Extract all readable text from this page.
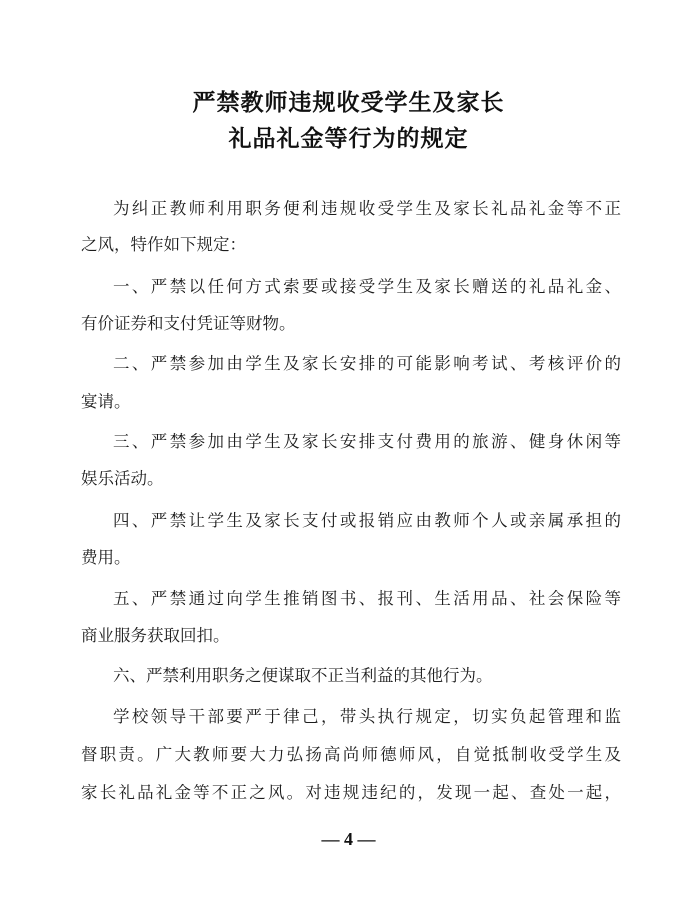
严禁教师违规收受学生及家长
礼品礼金等行为的规定
为纠正教师利用职务便利违规收受学生及家长礼品礼金等不正
之风，特作如下规定：
一、严禁以任何方式索要或接受学生及家长赠送的礼品礼金、
有价证券和支付凭证等财物。
二、严禁参加由学生及家长安排的可能影响考试、考核评价的
宴请。
三、严禁参加由学生及家长安排支付费用的旅游、健身休闲等
娱乐活动。
四、严禁让学生及家长支付或报销应由教师个人或亲属承担的
费用。
五、严禁通过向学生推销图书、报刊、生活用品、社会保险等
商业服务获取回扣。
六、严禁利用职务之便谋取不正当利益的其他行为。
学校领导干部要严于律己，带头执行规定，切实负起管理和监
督职责。广大教师要大力弘扬高尚师德师风，自觉抵制收受学生及
家长礼品礼金等不正之风。对违规违纪的，发现一起、查处一起，
— 4 —
